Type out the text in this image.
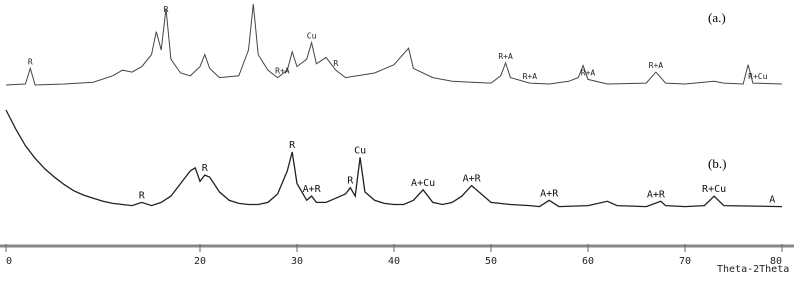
R
R
R+A
Cu
R
R+A
R+A	R+A
R+A
R+Cu
(a.)
R
R
R	Cu
A+R
R	A+Cu	A+R
A+R	A+R	R+Cu
A
(b.)
0	20	30	40	50	60	70	80
Theta-2Theta
